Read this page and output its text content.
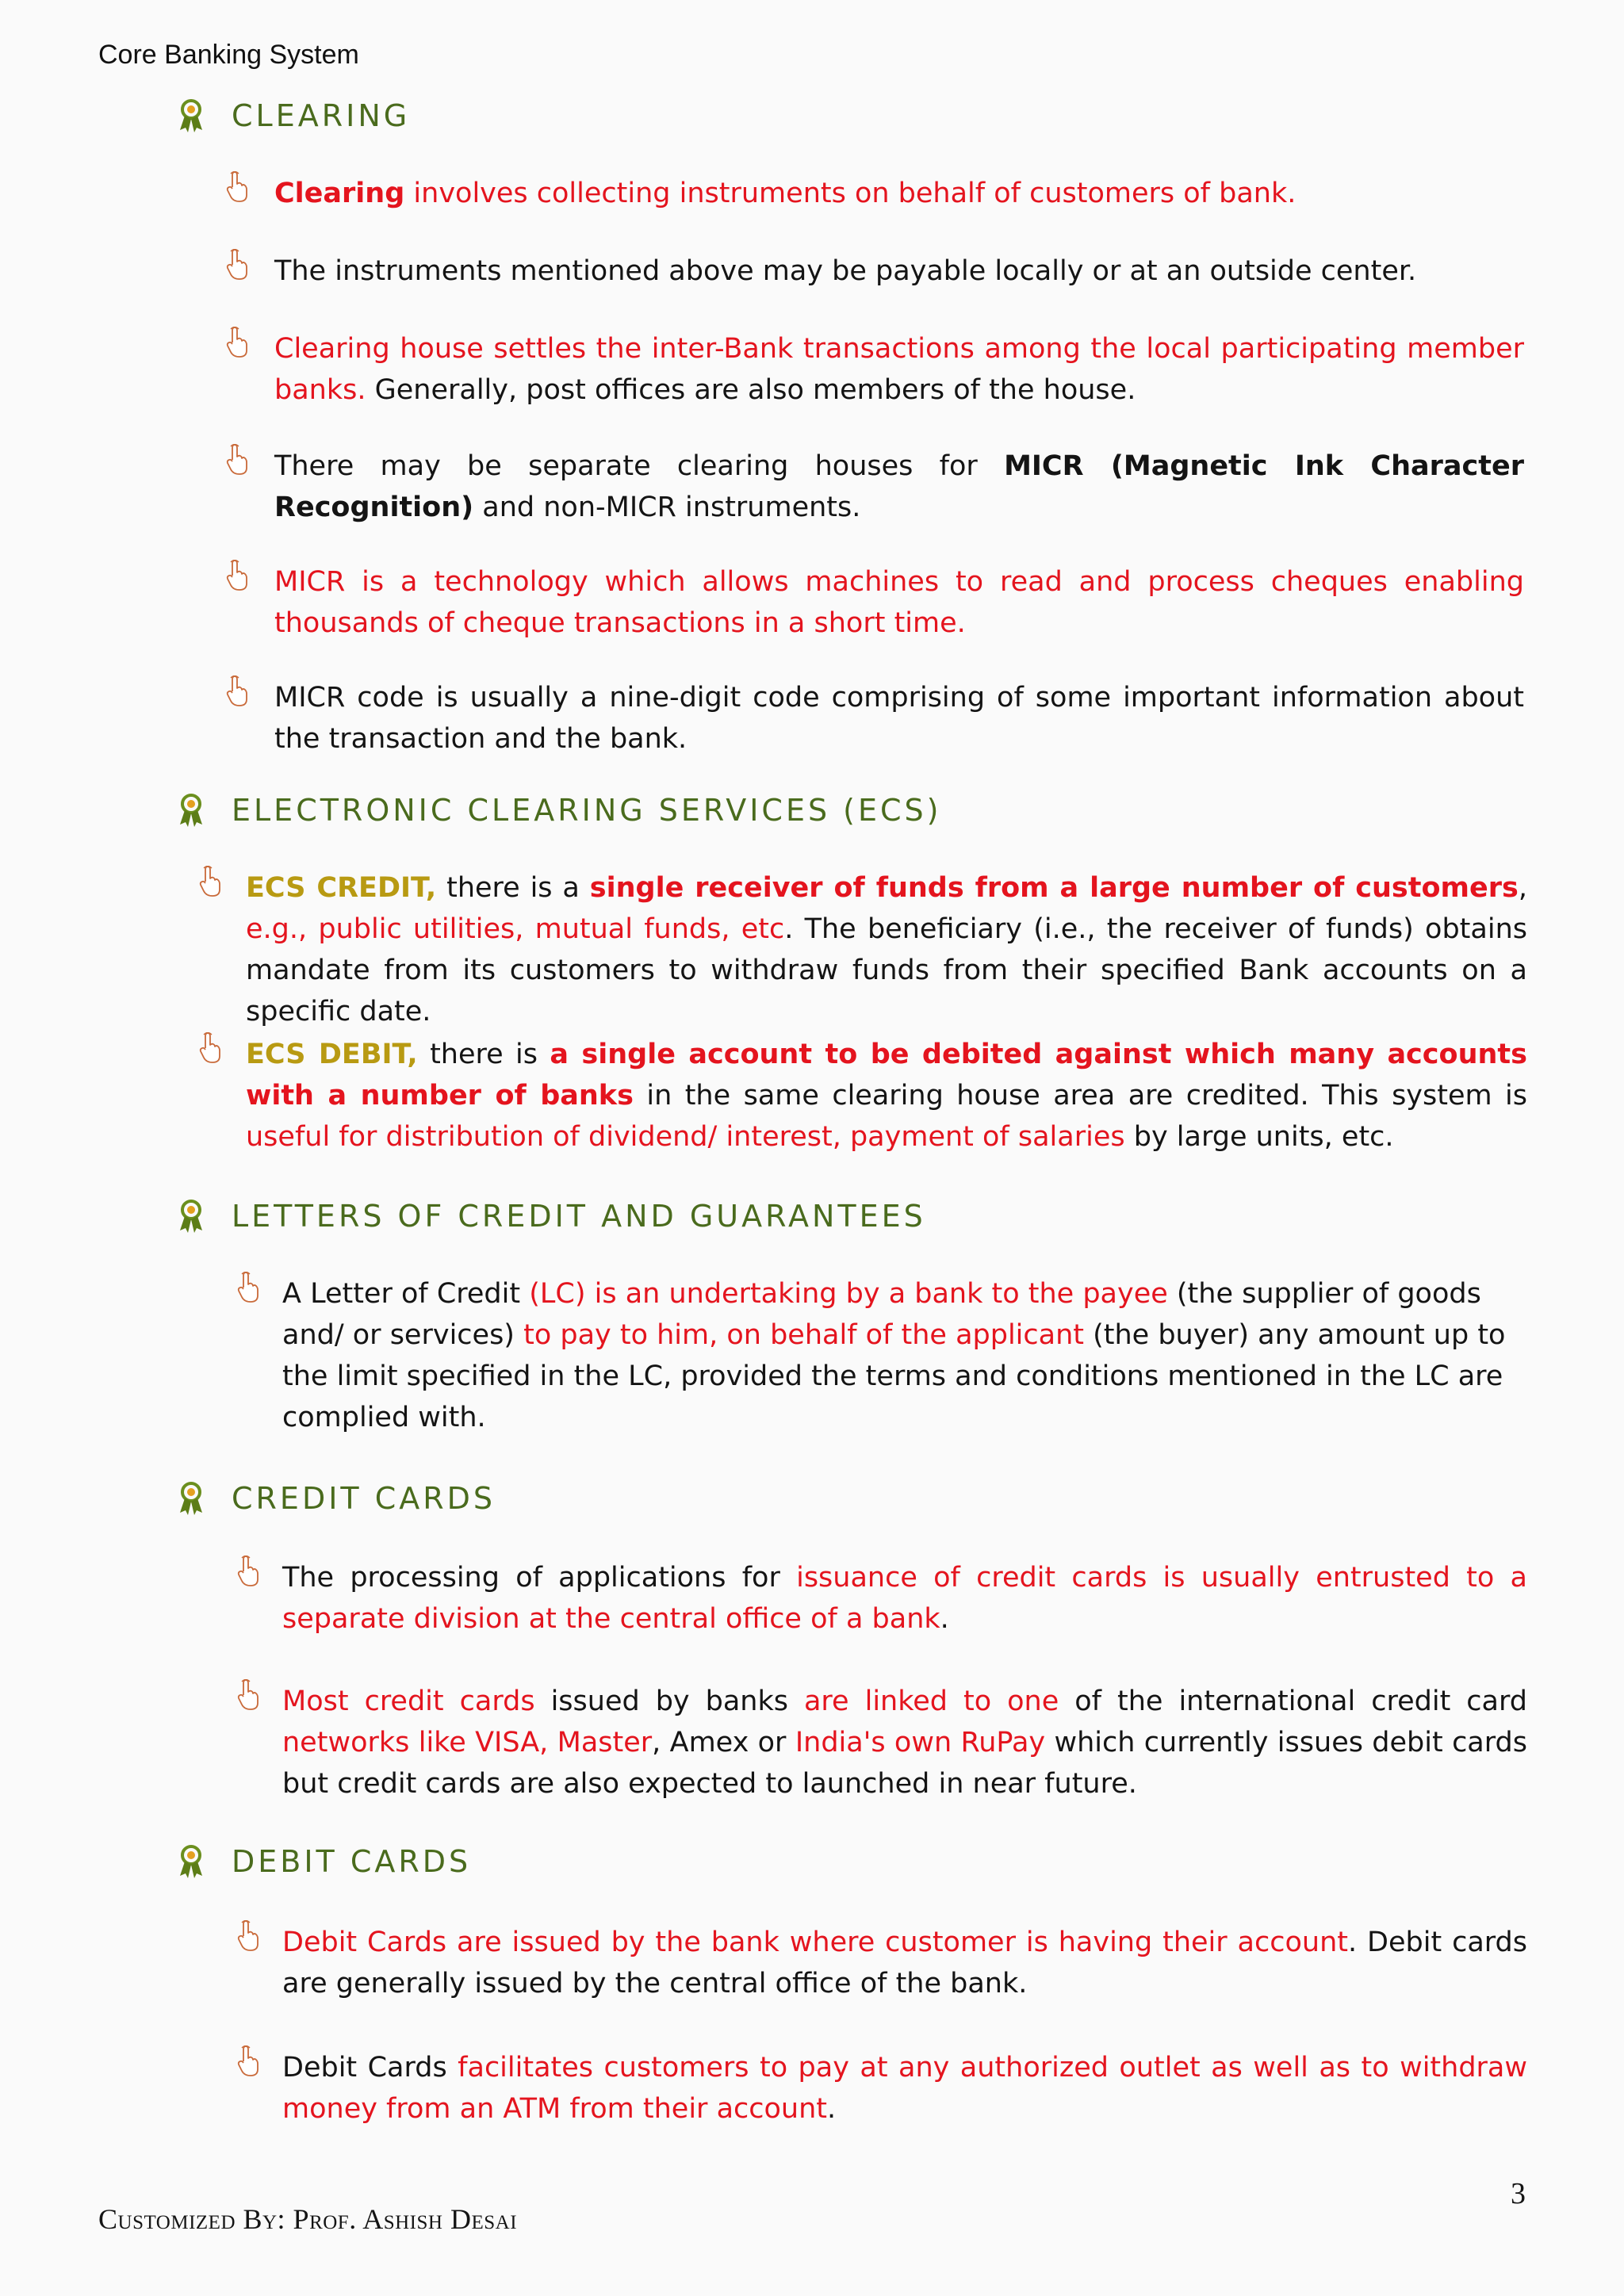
Core Banking System
CLEARING
Clearing involves collecting instruments on behalf of customers of bank.
The instruments mentioned above may be payable locally or at an outside center.
Clearing house settles the inter-Bank transactions among the local participating member banks. Generally, post offices are also members of the house.
There may be separate clearing houses for MICR (Magnetic Ink Character Recognition) and non-MICR instruments.
MICR is a technology which allows machines to read and process cheques enabling thousands of cheque transactions in a short time.
MICR code is usually a nine-digit code comprising of some important information about the transaction and the bank.
ELECTRONIC CLEARING SERVICES (ECS)
ECS CREDIT, there is a single receiver of funds from a large number of customers, e.g., public utilities, mutual funds, etc. The beneficiary (i.e., the receiver of funds) obtains mandate from its customers to withdraw funds from their specified Bank accounts on a specific date.
ECS DEBIT, there is a single account to be debited against which many accounts with a number of banks in the same clearing house area are credited. This system is useful for distribution of dividend/ interest, payment of salaries by large units, etc.
LETTERS OF CREDIT AND GUARANTEES
A Letter of Credit (LC) is an undertaking by a bank to the payee (the supplier of goods and/ or services) to pay to him, on behalf of the applicant (the buyer) any amount up to the limit specified in the LC, provided the terms and conditions mentioned in the LC are complied with.
CREDIT CARDS
The processing of applications for issuance of credit cards is usually entrusted to a separate division at the central office of a bank.
Most credit cards issued by banks are linked to one of the international credit card networks like VISA, Master, Amex or India's own RuPay which currently issues debit cards but credit cards are also expected to launched in near future.
DEBIT CARDS
Debit Cards are issued by the bank where customer is having their account. Debit cards are generally issued by the central office of the bank.
Debit Cards facilitates customers to pay at any authorized outlet as well as to withdraw money from an ATM from their account.
3
Customized By: Prof. Ashish Desai
